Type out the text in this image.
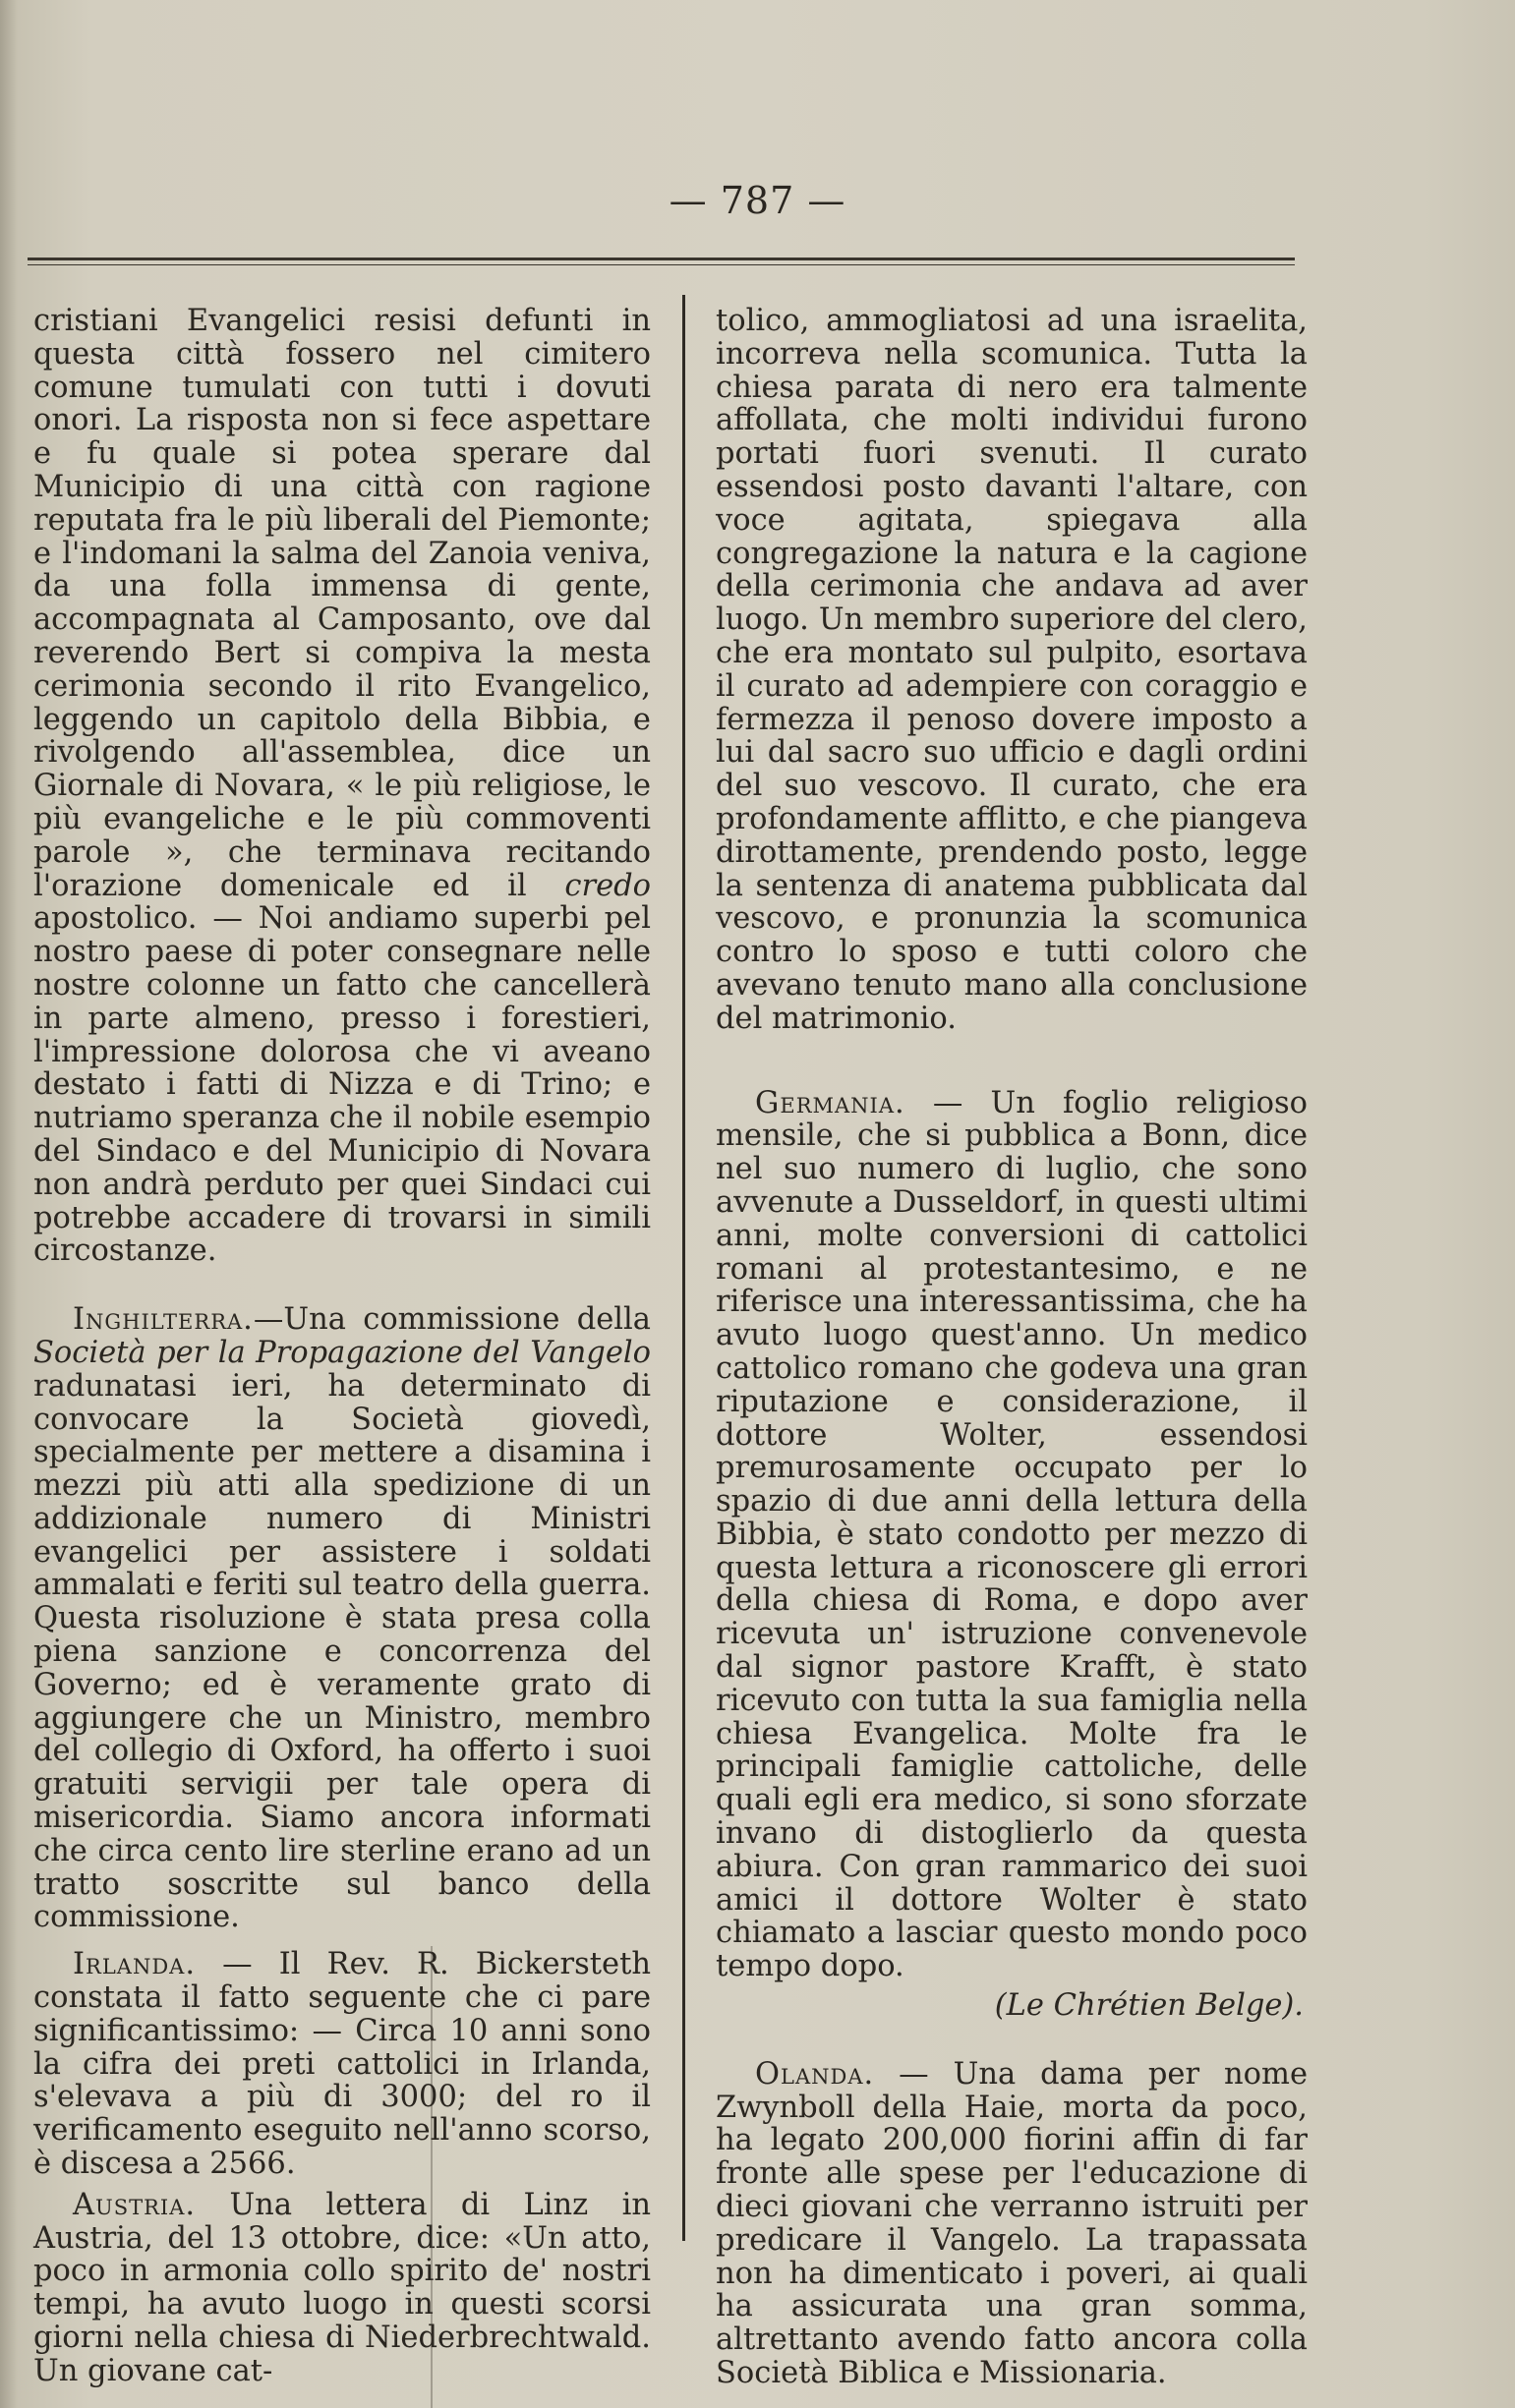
— 787 —

cristiani Evangelici resisi defunti in questa città fossero nel cimitero comune tumulati con tutti i dovuti onori. La risposta non si fece aspettare e fu quale si potea sperare dal Municipio di una città con ragione reputata fra le più liberali del Piemonte; e l'indomani la salma del Zanoia veniva, da una folla immensa di gente, accompagnata al Camposanto, ove dal reverendo Bert si compiva la mesta cerimonia secondo il rito Evangelico, leggendo un capitolo della Bibbia, e rivolgendo all'assemblea, dice un Giornale di Novara, « le più religiose, le più evangeliche e le più commoventi parole », che terminava recitando l'orazione domenicale ed il credo apostolico. — Noi andiamo superbi pel nostro paese di poter consegnare nelle nostre colonne un fatto che cancellerà in parte almeno, presso i forestieri, l'impressione dolorosa che vi aveano destato i fatti di Nizza e di Trino; e nutriamo speranza che il nobile esempio del Sindaco e del Municipio di Novara non andrà perduto per quei Sindaci cui potrebbe accadere di trovarsi in simili circostanze.

Inghilterra.—Una commissione della Società per la Propagazione del Vangelo radunatasi ieri, ha determinato di convocare la Società giovedì, specialmente per mettere a disamina i mezzi più atti alla spedizione di un addizionale numero di Ministri evangelici per assistere i soldati ammalati e feriti sul teatro della guerra. Questa risoluzione è stata presa colla piena sanzione e concorrenza del Governo; ed è veramente grato di aggiungere che un Ministro, membro del collegio di Oxford, ha offerto i suoi gratuiti servigii per tale opera di misericordia. Siamo ancora informati che circa cento lire sterline erano ad un tratto soscritte sul banco della commissione.

Irlanda. — Il Rev. R. Bickersteth constata il fatto seguente che ci pare significantissimo: — Circa 10 anni sono la cifra dei preti cattolici in Irlanda, s'elevava a più di 3000; del ro il verificamento eseguito nell'anno scorso, è discesa a 2566.

Austria. Una lettera di Linz in Austria, del 13 ottobre, dice: «Un atto, poco in armonia collo spirito de' nostri tempi, ha avuto luogo in questi scorsi giorni nella chiesa di Niederbrechtwald. Un giovane cat-

tolico, ammogliatosi ad una israelita, incorreva nella scomunica. Tutta la chiesa parata di nero era talmente affollata, che molti individui furono portati fuori svenuti. Il curato essendosi posto davanti l'altare, con voce agitata, spiegava alla congregazione la natura e la cagione della cerimonia che andava ad aver luogo. Un membro superiore del clero, che era montato sul pulpito, esortava il curato ad adempiere con coraggio e fermezza il penoso dovere imposto a lui dal sacro suo ufficio e dagli ordini del suo vescovo. Il curato, che era profondamente afflitto, e che piangeva dirottamente, prendendo posto, legge la sentenza di anatema pubblicata dal vescovo, e pronunzia la scomunica contro lo sposo e tutti coloro che avevano tenuto mano alla conclusione del matrimonio.

Germania. — Un foglio religioso mensile, che si pubblica a Bonn, dice nel suo numero di luglio, che sono avvenute a Dusseldorf, in questi ultimi anni, molte conversioni di cattolici romani al protestantesimo, e ne riferisce una interessantissima, che ha avuto luogo quest'anno. Un medico cattolico romano che godeva una gran riputazione e considerazione, il dottore Wolter, essendosi premurosamente occupato per lo spazio di due anni della lettura della Bibbia, è stato condotto per mezzo di questa lettura a riconoscere gli errori della chiesa di Roma, e dopo aver ricevuta un' istruzione convenevole dal signor pastore Krafft, è stato ricevuto con tutta la sua famiglia nella chiesa Evangelica. Molte fra le principali famiglie cattoliche, delle quali egli era medico, si sono sforzate invano di distoglierlo da questa abiura. Con gran rammarico dei suoi amici il dottore Wolter è stato chiamato a lasciar questo mondo poco tempo dopo.

(Le Chrétien Belge).

Olanda. — Una dama per nome Zwynboll della Haie, morta da poco, ha legato 200,000 fiorini affin di far fronte alle spese per l'educazione di dieci giovani che verranno istruiti per predicare il Vangelo. La trapassata non ha dimenticato i poveri, ai quali ha assicurata una gran somma, altrettanto avendo fatto ancora colla Società Biblica e Missionaria.
